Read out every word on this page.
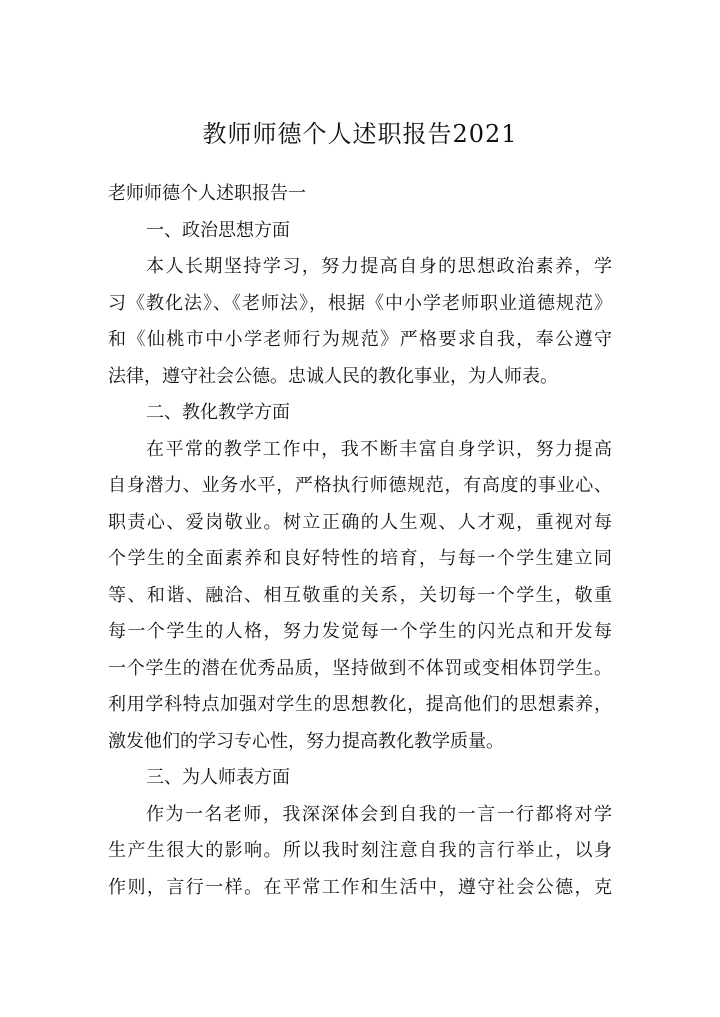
教师师德个人述职报告2021
老师师德个人述职报告一
一、政治思想方面
本人长期坚持学习，努力提高自身的思想政治素养，学
习《教化法》、《老师法》，根据《中小学老师职业道德规范》
和《仙桃市中小学老师行为规范》严格要求自我，奉公遵守
法律，遵守社会公德。忠诚人民的教化事业，为人师表。
二、教化教学方面
在平常的教学工作中，我不断丰富自身学识，努力提高
自身潜力、业务水平，严格执行师德规范，有高度的事业心、
职责心、爱岗敬业。树立正确的人生观、人才观，重视对每
个学生的全面素养和良好特性的培育，与每一个学生建立同
等、和谐、融洽、相互敬重的关系，关切每一个学生，敬重
每一个学生的人格，努力发觉每一个学生的闪光点和开发每
一个学生的潜在优秀品质，坚持做到不体罚或变相体罚学生。
利用学科特点加强对学生的思想教化，提高他们的思想素养，
激发他们的学习专心性，努力提高教化教学质量。
三、为人师表方面
作为一名老师，我深深体会到自我的一言一行都将对学
生产生很大的影响。所以我时刻注意自我的言行举止，以身
作则，言行一样。在平常工作和生活中，遵守社会公德，克
